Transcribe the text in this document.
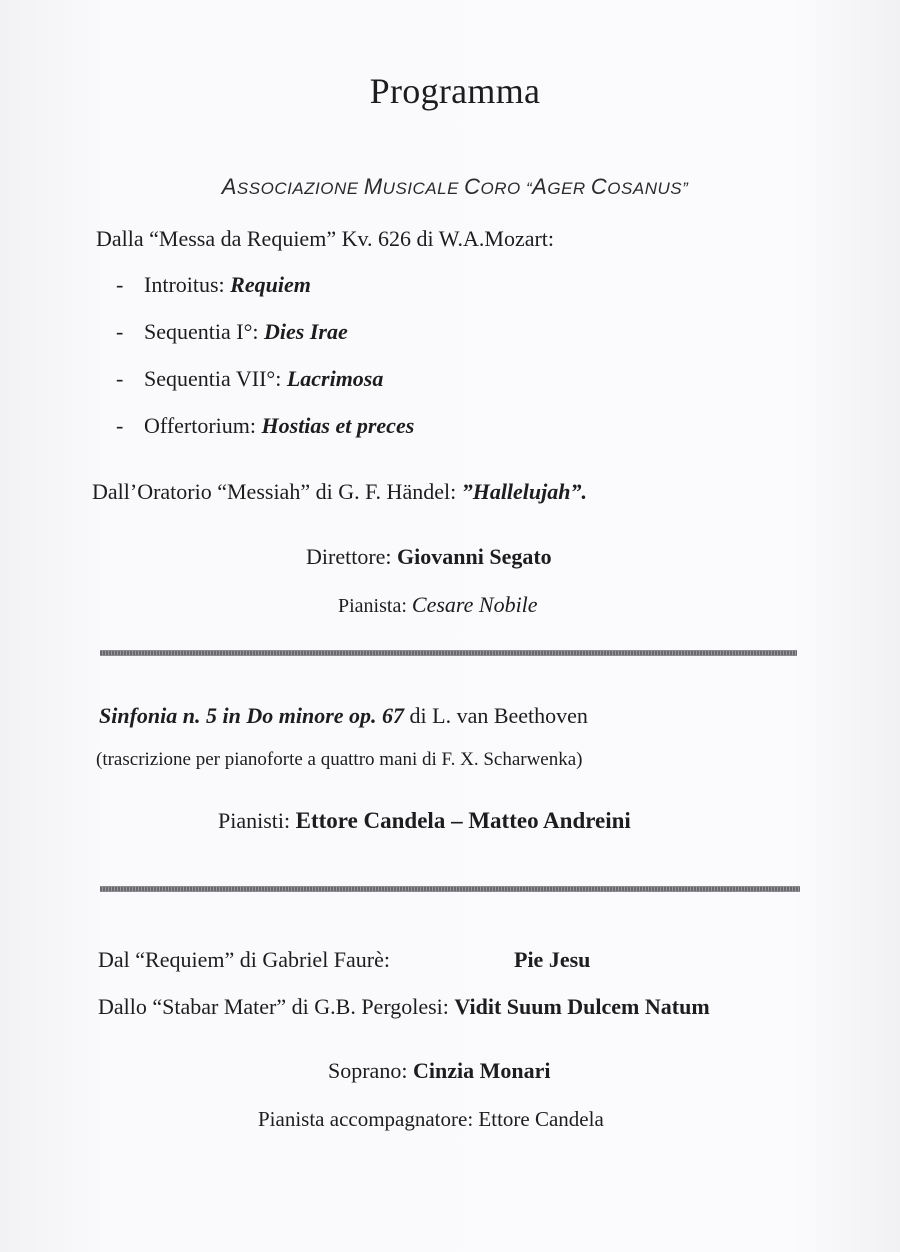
Programma
ASSOCIAZIONE MUSICALE CORO “AGER COSANUS”
Dalla “Messa da Requiem” Kv. 626 di W.A.Mozart:
- Introitus: Requiem
- Sequentia I°: Dies Irae
- Sequentia VII°: Lacrimosa
- Offertorium: Hostias et preces
Dall’Oratorio “Messiah” di G. F. Händel: ”Hallelujah”.
Direttore: Giovanni Segato
Pianista: Cesare Nobile
Sinfonia n. 5 in Do minore op. 67 di L. van Beethoven
(trascrizione per pianoforte a quattro mani di F. X. Scharwenka)
Pianisti: Ettore Candela – Matteo Andreini
Dal “Requiem” di Gabriel Faurè:	Pie Jesu
Dallo “Stabar Mater” di G.B. Pergolesi: Vidit Suum Dulcem Natum
Soprano: Cinzia Monari
Pianista accompagnatore: Ettore Candela
